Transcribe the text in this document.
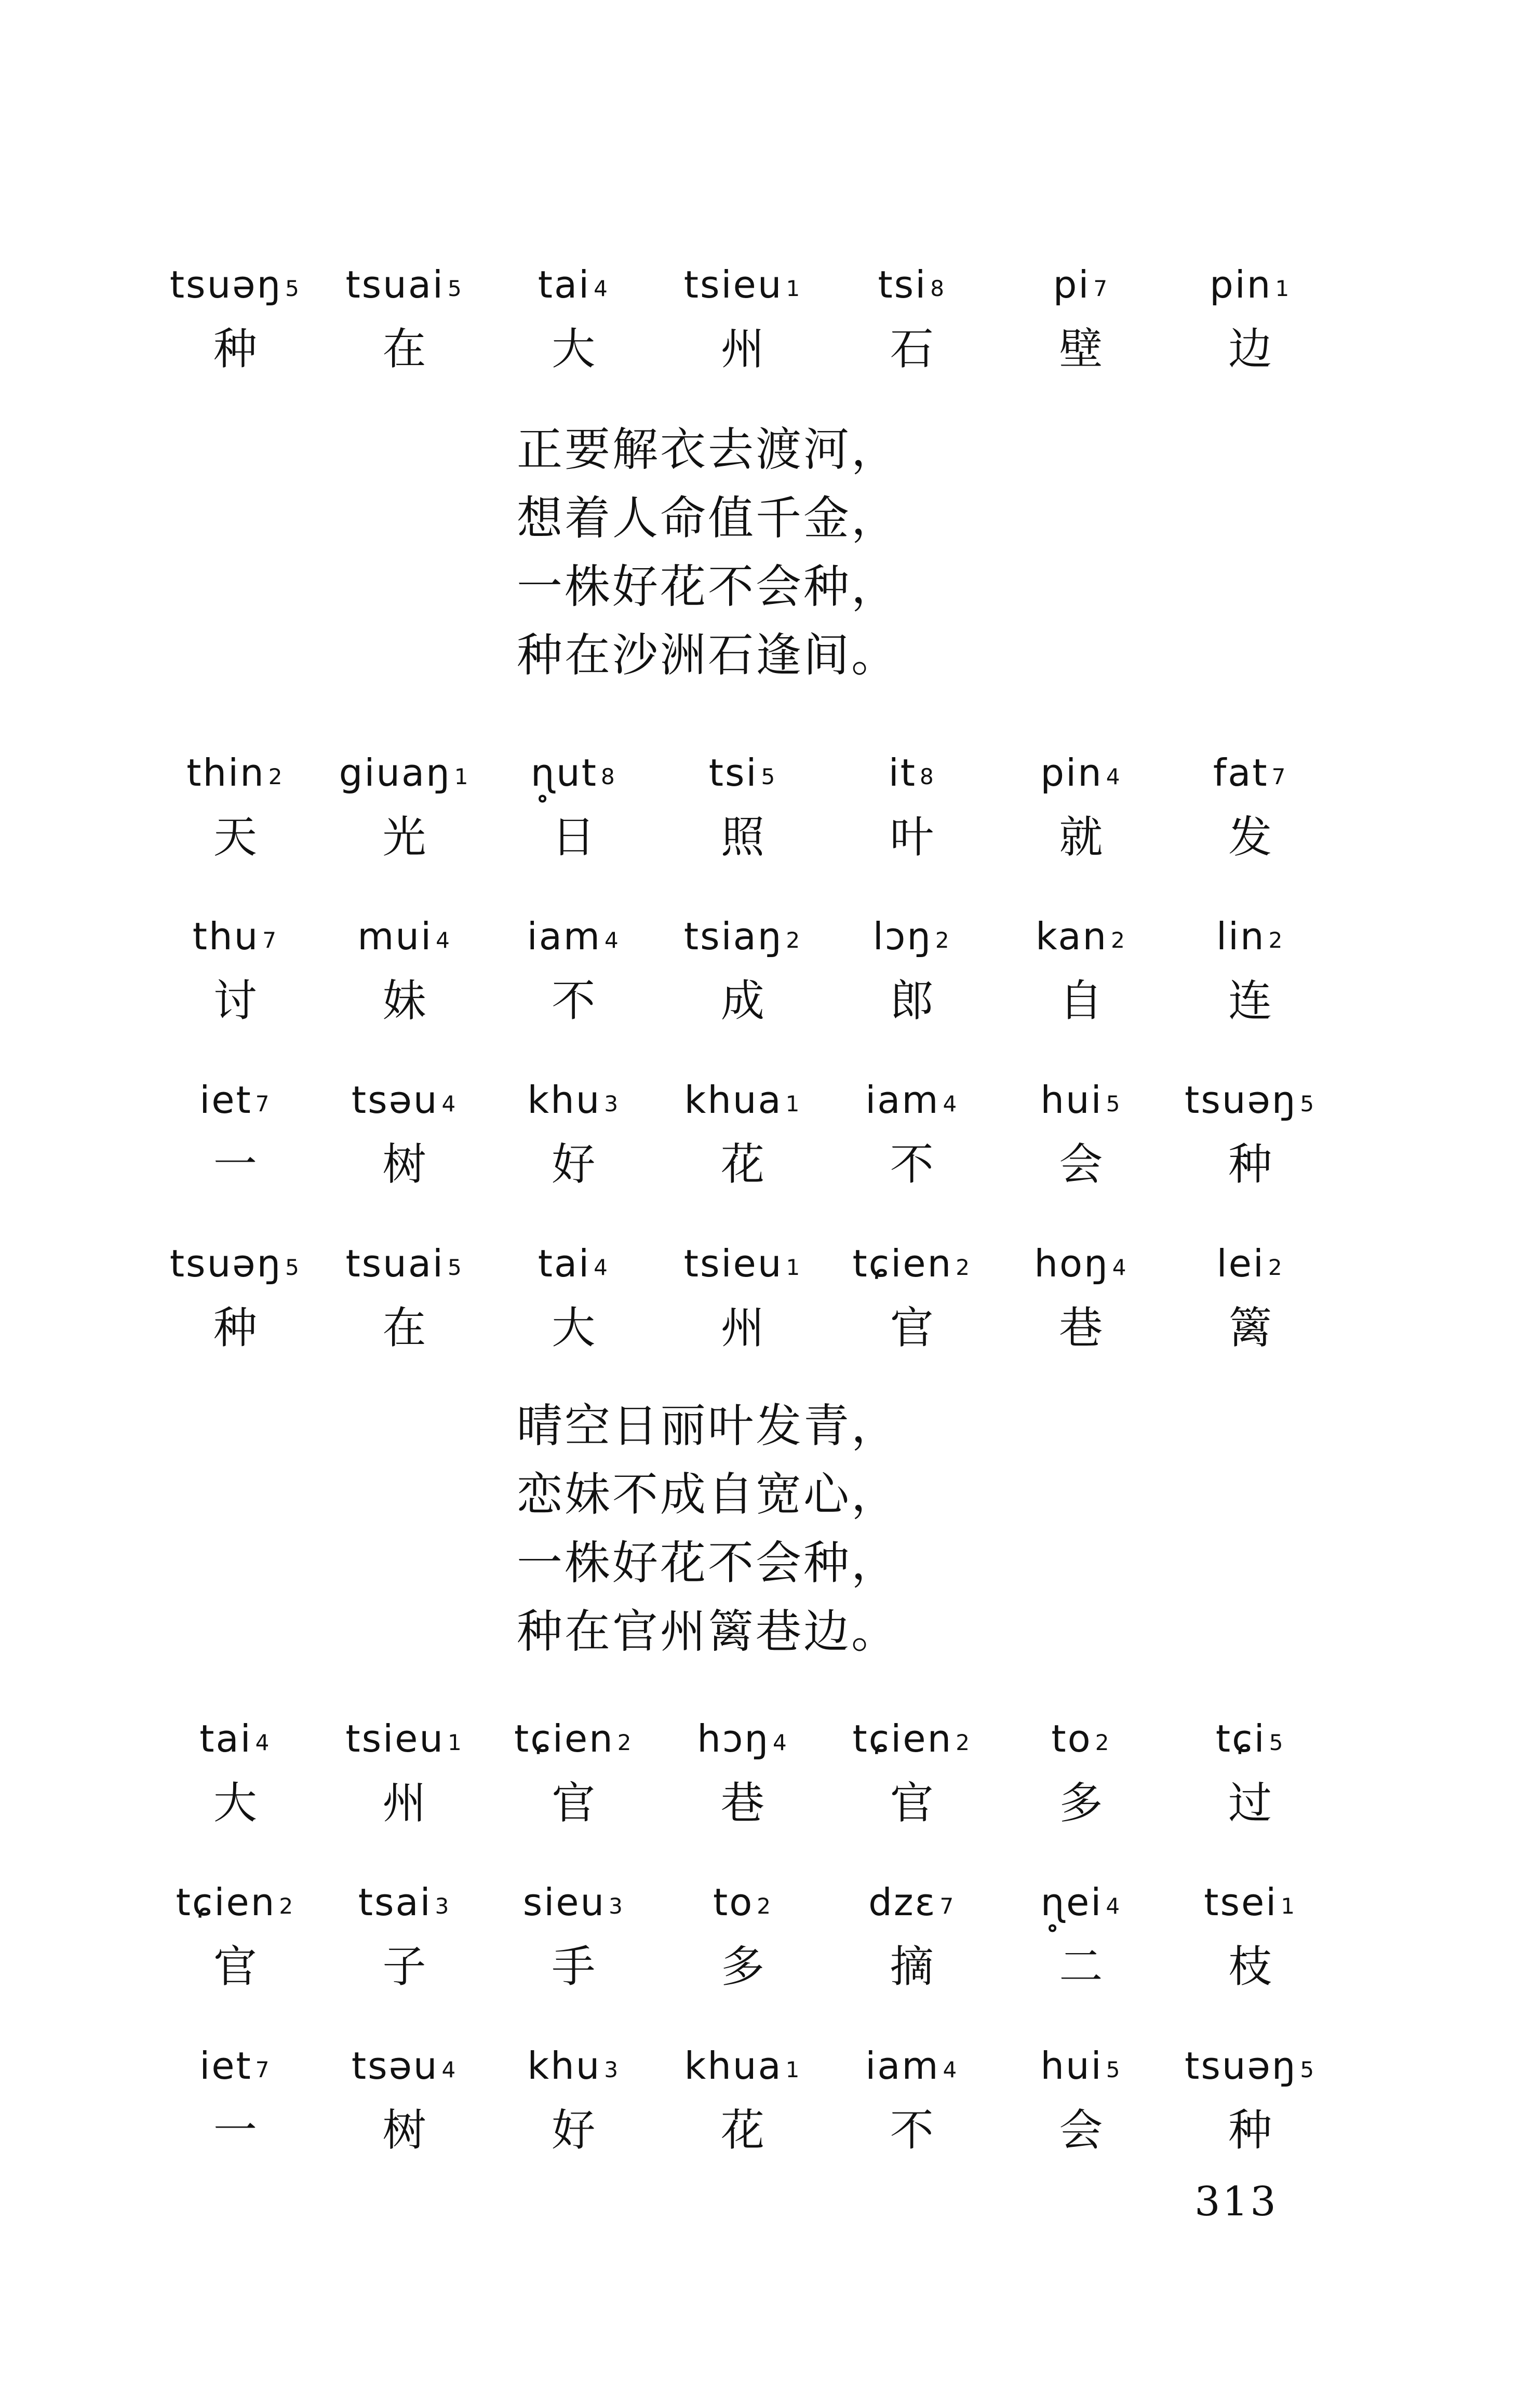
tsuəŋ$^5$
种
tsuai$^5$
在
tai$^4$
大
tsieu$^1$
州
tsi$^8$
石
$pi^7$
壁
pin$^1$
边
正要解衣去渡河，
想着人命值千金，
一株好花不会种，
种在沙洲石逢间。
thin$^2$
天
giuaŋ$^1$
光
$ɳ̥ut^8$
日
tsi$^5$
照
$it^8$
叶
pin$^4$
就
fat$^7$
发
thu$^7$
讨
mui$^4$
妹
iam$^4$
不
tsiaŋ$^2$
成
lɔŋ$^2$
郎
kan$^2$
自
lin$^2$
连
iet$^7$
一
tsəu$^4$
树
khu$^3$
好
khua$^1$
花
iam$^4$
不
hui$^5$
会
tsuəŋ$^5$
种
tsuəŋ$^5$
种
tsuai$^5$
在
tai$^4$
大
tsieu$^1$
州
tɕien$^2$
官
hoŋ$^4$
巷
lei$^2$
篱
晴空日丽叶发青，
恋妹不成自宽心，
一株好花不会种，
种在官州篱巷边。
tai$^4$
大
tsieu$^1$
州
tɕien$^2$
官
hɔŋ$^4$
巷
tɕien$^2$
官
$to^2$
多
tɕi$^5$
过
tɕien$^2$
官
tsai$^3$
子
sieu$^3$
手
$to^2$
多
dzɛ$^7$
摘
$ɳ̥ei^4$
二
tsei$^1$
枝
iet$^7$
一
tsəu$^4$
树
khu$^3$
好
khua$^1$
花
iam$^4$
不
hui$^5$
会
tsuəŋ$^5$
种
313
